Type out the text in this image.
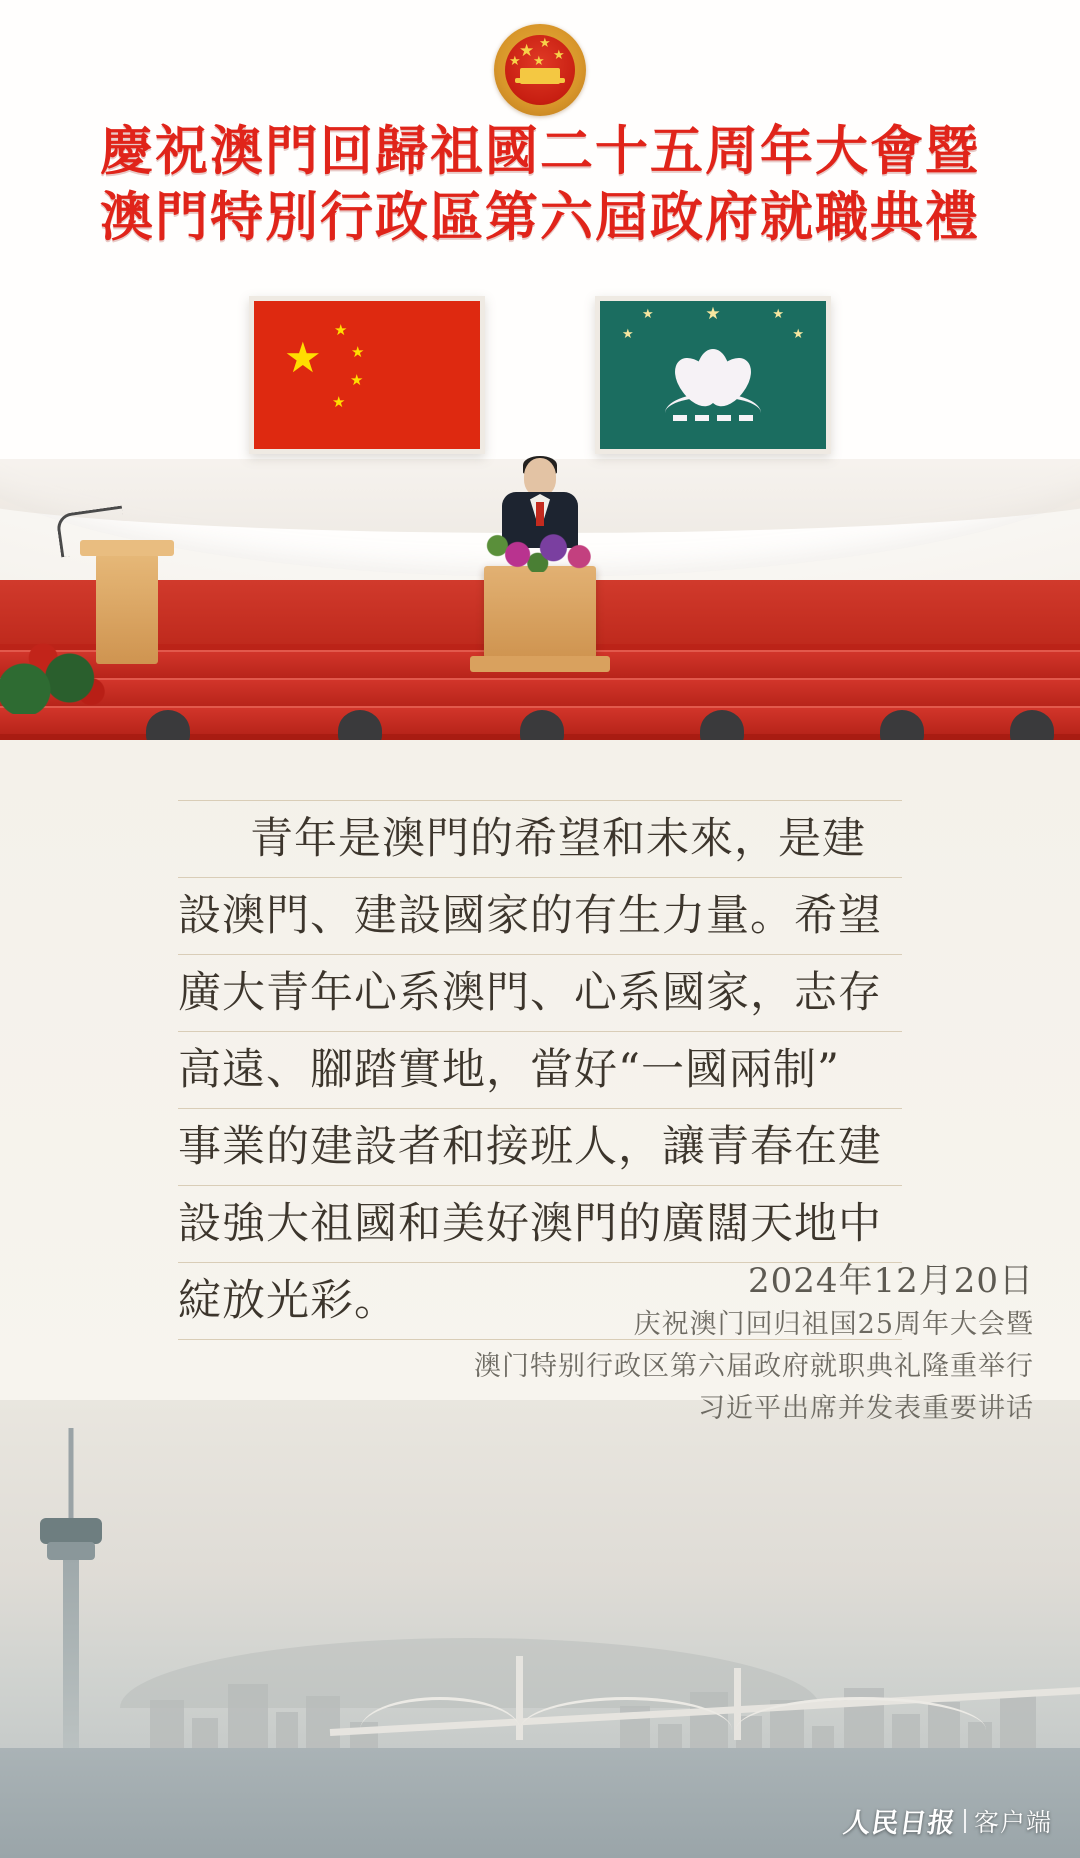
★ ★
★ ★
★
慶祝澳門回歸祖國二十五周年大會暨
澳門特別行政區第六屆政府就職典禮
★
★
★
★
★
★
★	★
★	★
青年是澳門的希望和未來，是建
設澳門、建設國家的有生力量。希望
廣大青年心系澳門、心系國家，志存
高遠、腳踏實地，當好“一國兩制”
事業的建設者和接班人，讓青春在建
設強大祖國和美好澳門的廣闊天地中
綻放光彩。	2024年12月20日
庆祝澳门回归祖国25周年大会暨
澳门特别行政区第六届政府就职典礼隆重举行
习近平出席并发表重要讲话
人民日报 客户端
